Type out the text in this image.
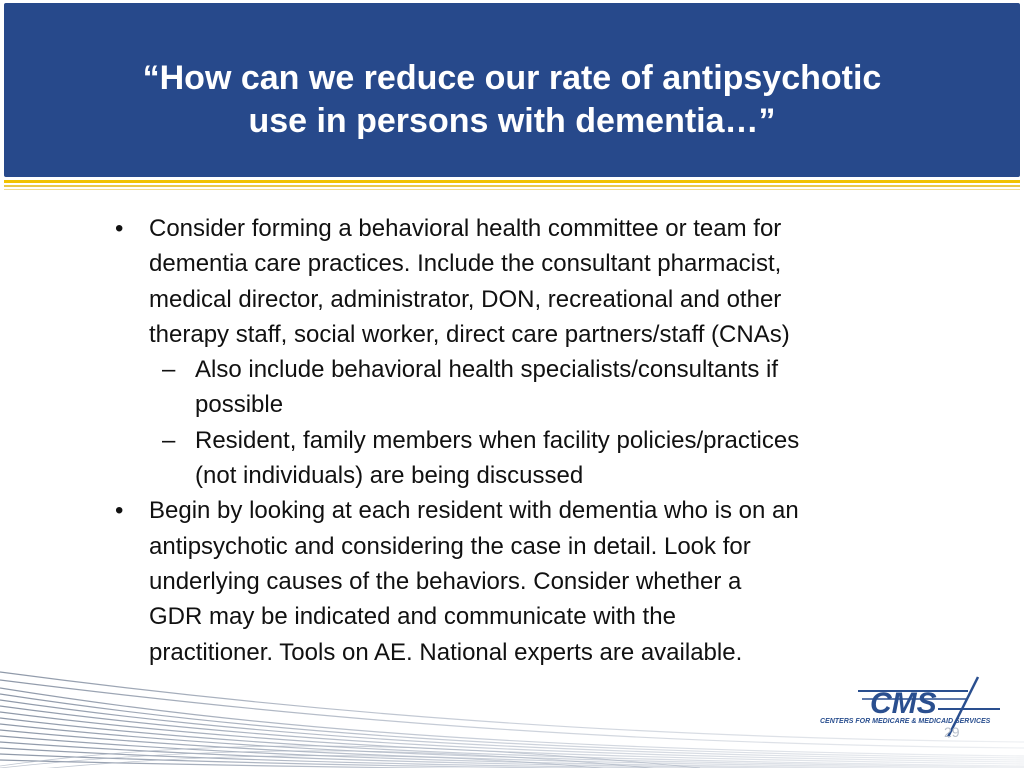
“How can we reduce our rate of antipsychotic
use in persons with dementia…”
• Consider forming a behavioral health committee or team for
dementia care practices. Include the consultant pharmacist,
medical director, administrator, DON, recreational and other
therapy staff, social worker, direct care partners/staff (CNAs)
– Also include behavioral health specialists/consultants if
possible
– Resident, family members when facility policies/practices
(not individuals) are being discussed
• Begin by looking at each resident with dementia who is on an
antipsychotic and considering the case in detail. Look for
underlying causes of the behaviors. Consider whether a
GDR may be indicated and communicate with the
practitioner. Tools on AE. National experts are available.
CMS
CENTERS FOR MEDICARE & MEDICAID SERVICES
29
